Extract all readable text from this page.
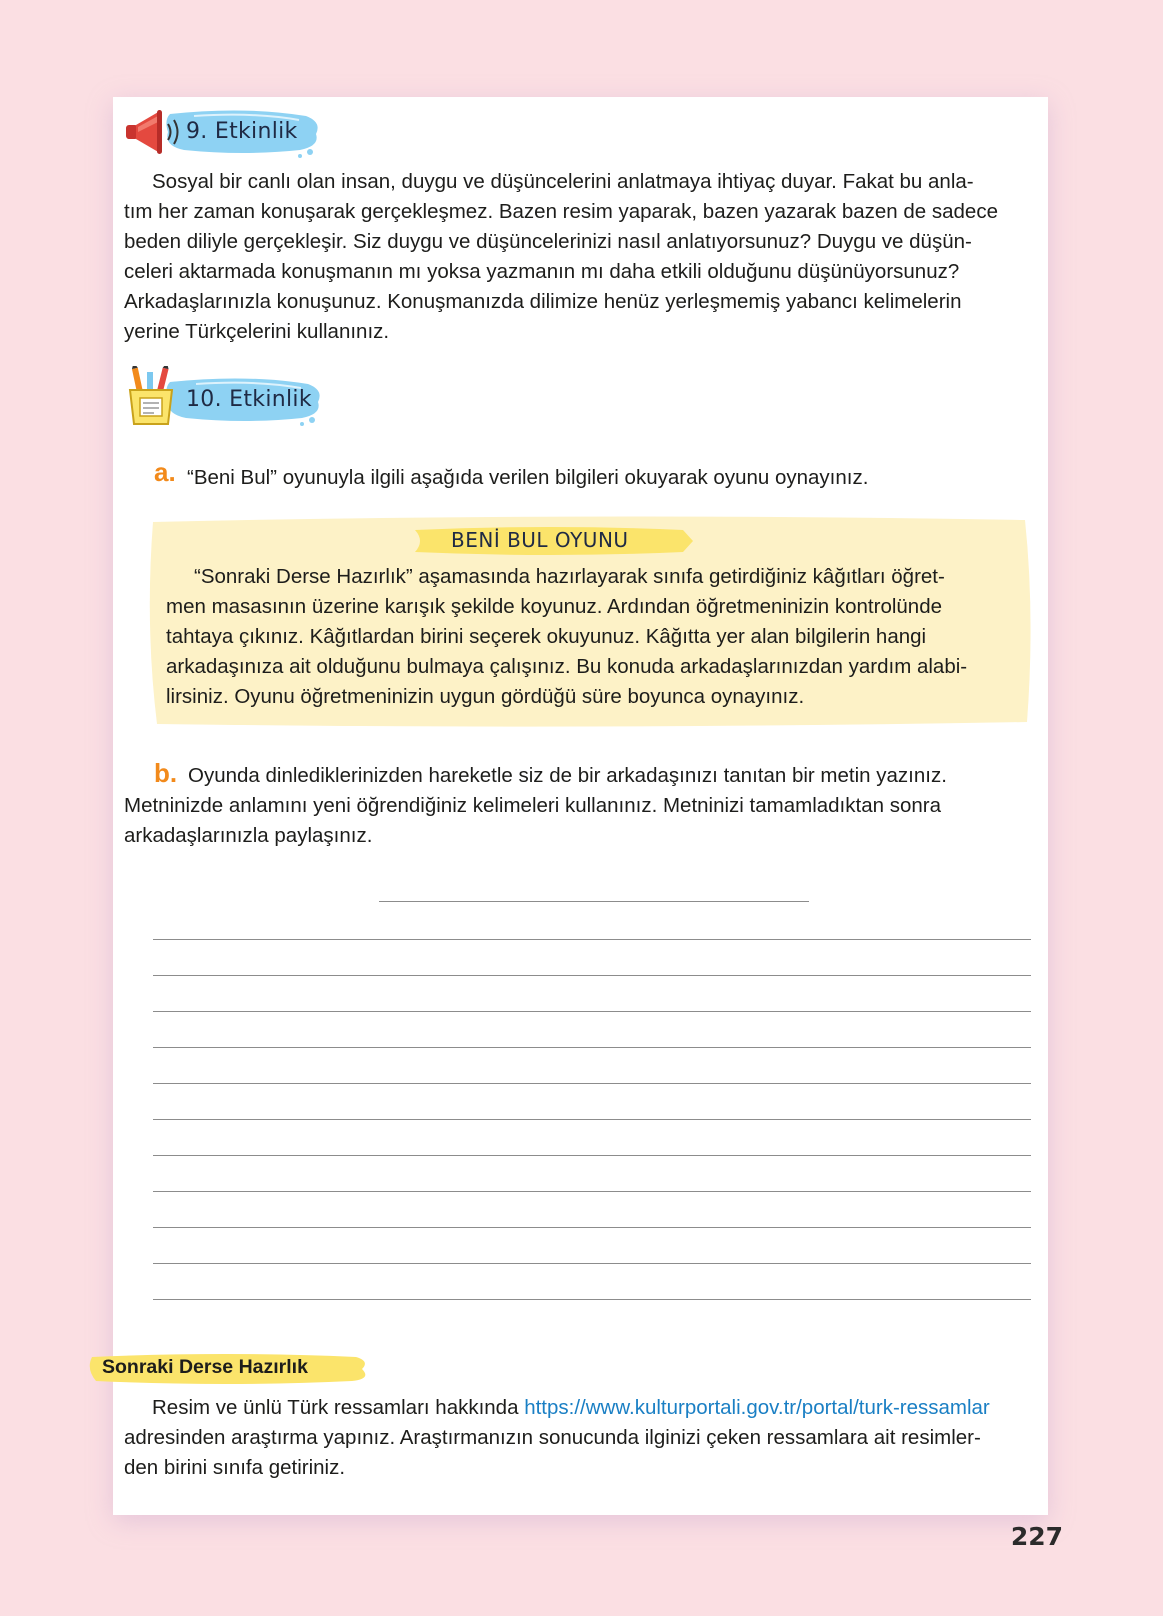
9. Etkinlik
Sosyal bir canlı olan insan, duygu ve düşüncelerini anlatmaya ihtiyaç duyar. Fakat bu anla-
tım her zaman konuşarak gerçekleşmez. Bazen resim yaparak, bazen yazarak bazen de sadece
beden diliyle gerçekleşir. Siz duygu ve düşüncelerinizi nasıl anlatıyorsunuz? Duygu ve düşün-
celeri aktarmada konuşmanın mı yoksa yazmanın mı daha etkili olduğunu düşünüyorsunuz?
Arkadaşlarınızla konuşunuz. Konuşmanızda dilimize henüz yerleşmemiş yabancı kelimelerin
yerine Türkçelerini kullanınız.
10. Etkinlik
a. “Beni Bul” oyunuyla ilgili aşağıda verilen bilgileri okuyarak oyunu oynayınız.
BENİ BUL OYUNU
“Sonraki Derse Hazırlık” aşamasında hazırlayarak sınıfa getirdiğiniz kâğıtları öğret-
men masasının üzerine karışık şekilde koyunuz. Ardından öğretmeninizin kontrolünde
tahtaya çıkınız. Kâğıtlardan birini seçerek okuyunuz. Kâğıtta yer alan bilgilerin hangi
arkadaşınıza ait olduğunu bulmaya çalışınız. Bu konuda arkadaşlarınızdan yardım alabi-
lirsiniz. Oyunu öğretmeninizin uygun gördüğü süre boyunca oynayınız.
b. Oyunda dinlediklerinizden hareketle siz de bir arkadaşınızı tanıtan bir metin yazınız.
Metninizde anlamını yeni öğrendiğiniz kelimeleri kullanınız. Metninizi tamamladıktan sonra
arkadaşlarınızla paylaşınız.
Sonraki Derse Hazırlık
Resim ve ünlü Türk ressamları hakkında https://www.kulturportali.gov.tr/portal/turk-ressamlar
adresinden araştırma yapınız. Araştırmanızın sonucunda ilginizi çeken ressamlara ait resimler-
den birini sınıfa getiriniz.
227
